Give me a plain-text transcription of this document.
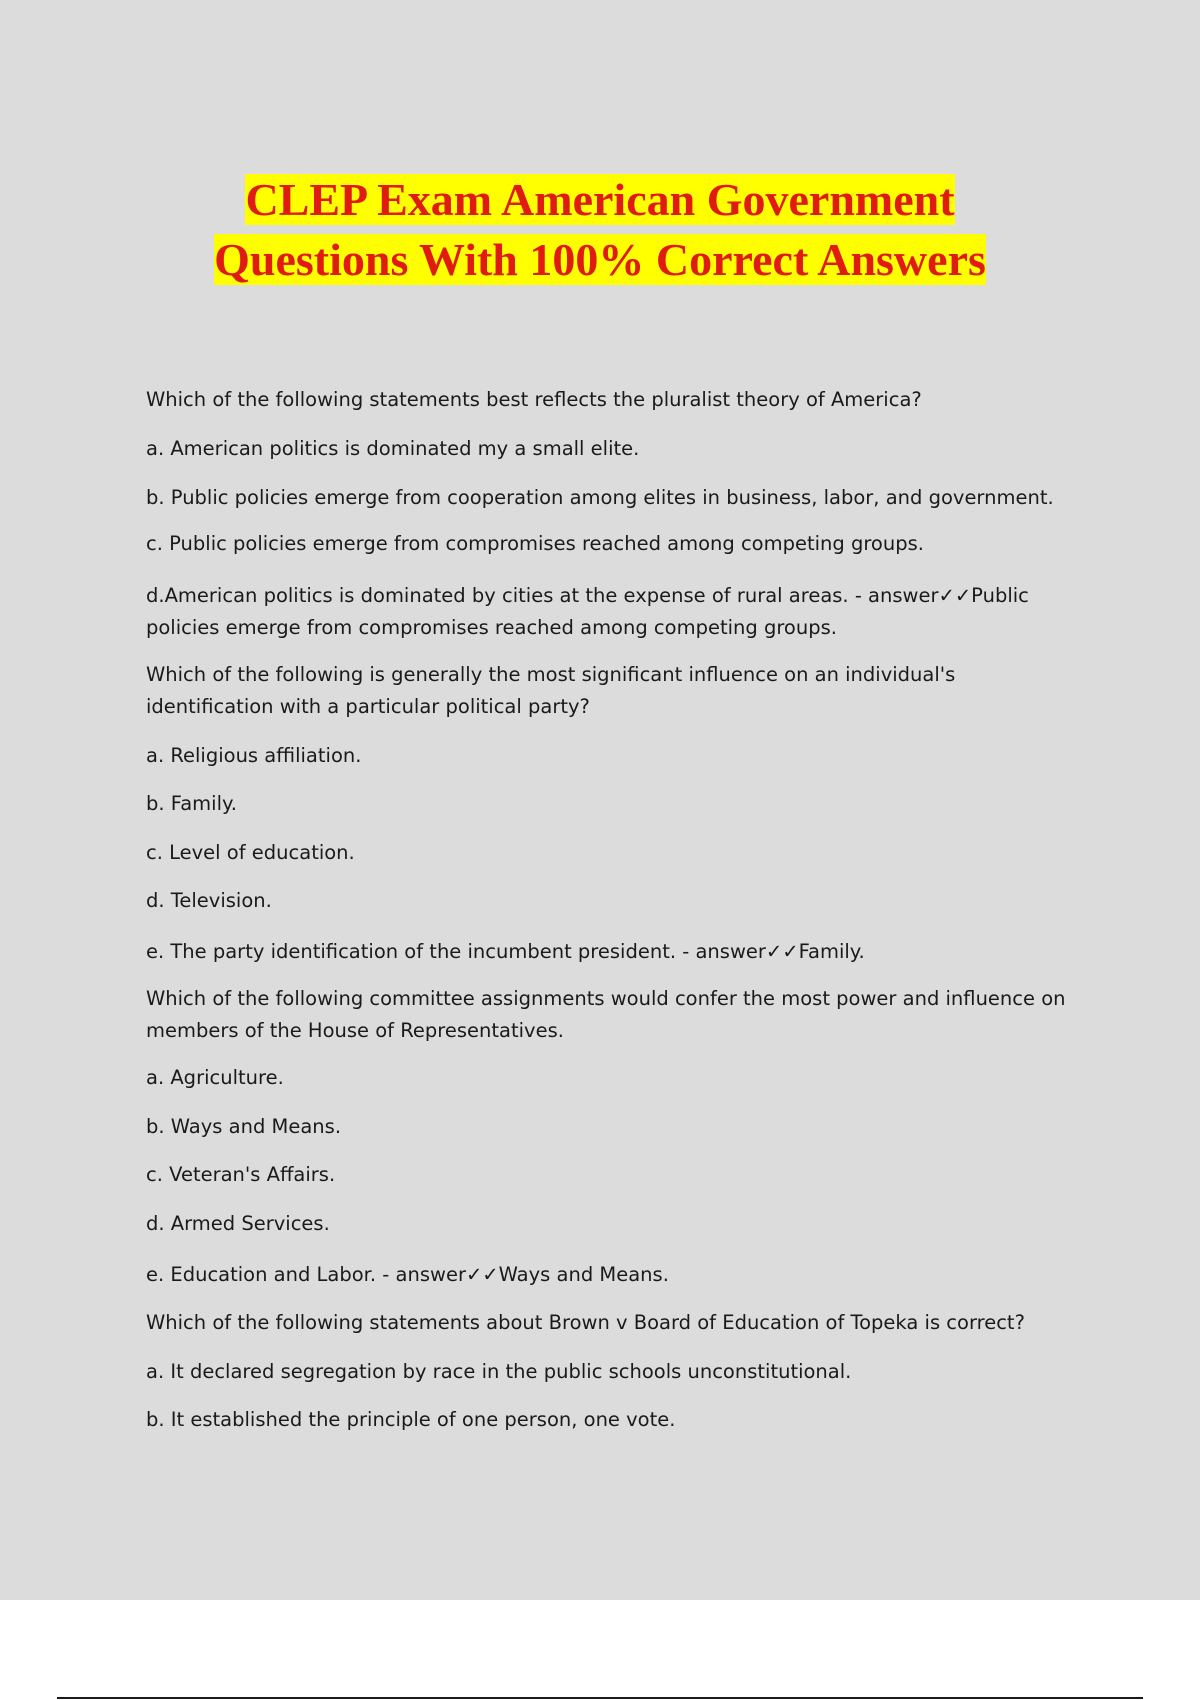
CLEP Exam American Government
Questions With 100% Correct Answers

Which of the following statements best reflects the pluralist theory of America?

a. American politics is dominated my a small elite.

b. Public policies emerge from cooperation among elites in business, labor, and government.

c. Public policies emerge from compromises reached among competing groups.

d.American politics is dominated by cities at the expense of rural areas. - answer✓✓Public

policies emerge from compromises reached among competing groups.

Which of the following is generally the most significant influence on an individual's

identification with a particular political party?

a. Religious affiliation.

b. Family.

c. Level of education.

d. Television.

e. The party identification of the incumbent president. - answer✓✓Family.

Which of the following committee assignments would confer the most power and influence on

members of the House of Representatives.

a. Agriculture.

b. Ways and Means.

c. Veteran's Affairs.

d. Armed Services.

e. Education and Labor. - answer✓✓Ways and Means.

Which of the following statements about Brown v Board of Education of Topeka is correct?

a. It declared segregation by race in the public schools unconstitutional.

b. It established the principle of one person, one vote.
